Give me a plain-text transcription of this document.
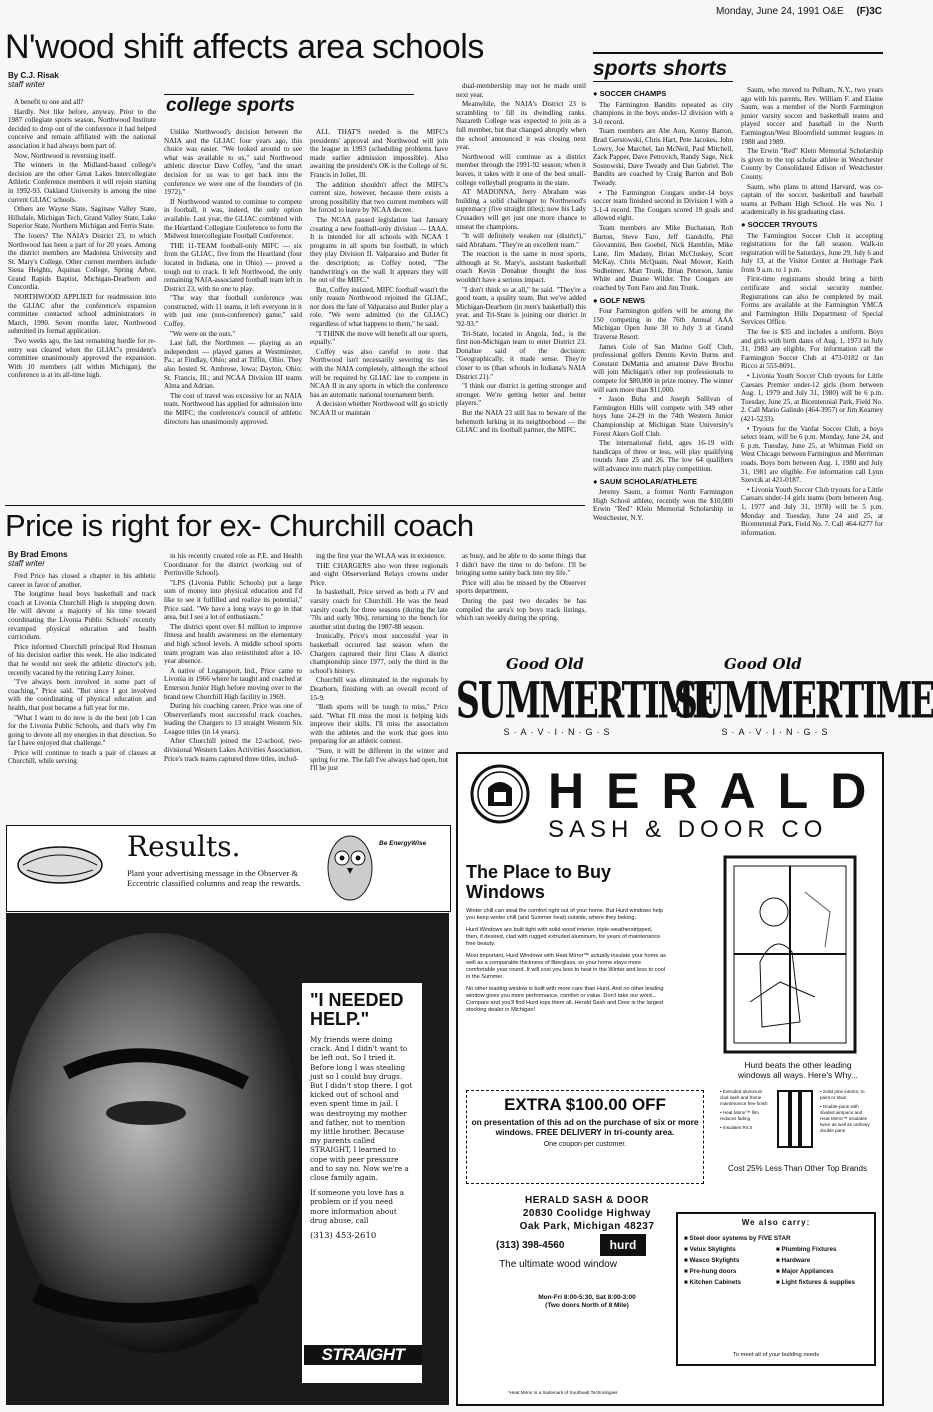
Monday, June 24, 1991 O&E (F)3C
N'wood shift affects area schools
By C.J. Risak
staff writer
college sports

A benefit to one and all?

Hardly. Not like before, anyway. Prior to the 1987 collegiate sports season, Northwood Institute decided to drop out of the conference it had helped conceive and remain affiliated with the national association it had always been part of.

Now, Northwood is reversing itself.

The winners in the Midland-based college's decision are the other Great Lakes Intercollegiate Athletic Conference members it will rejoin starting in 1992-93. Oakland University is among the nine current GLIAC schools.

Others are Wayne State, Saginaw Valley State, Hillsdale, Michigan Tech, Grand Valley State, Lake Superior State, Northern Michigan and Ferris State.

The losers? The NAIA's District 23, to which Northwood has been a part of for 20 years. Among the district members are Madonna University and St. Mary's College. Other current members include Siena Heights, Aquinas College, Spring Arbor, Grand Rapids Baptist, Michigan-Dearborn and Concordia.

NORTHWOOD APPLIED for readmission into the GLIAC after the conference's expansion committee contacted school administrators in March, 1990. Seven months later, Northwood submitted its formal application.

Two weeks ago, the last remaining hurdle for re-entry was cleared when the GLIAC's president's committee unanimously approved the expansion. With 10 members (all within Michigan), the conference is at its all-time high.

Unlike Northwood's decision between the NAIA and the GLIAC four years ago, this choice was easier. "We looked around to see what was available to us," said Northwood athletic director Dave Coffey, "and the smart decision for us was to get back into the conference we were one of the founders of (in 1972)."

If Northwood wanted to continue to compete in football, it was, indeed, the only option available. Last year, the GLIAC combined with the Heartland Collegiate Conference to form the Midwest Intercollegiate Football Conference.

THE 11-TEAM football-only MIFC — six from the GLIAC, five from the Heartland (four located in Indiana, one in Ohio) — proved a tough nut to crack. It left Northwood, the only remaining NAIA-associated football team left in District 23, with no one to play.

"The way that football conference was constructed, with 11 teams, it left everyone in it with just one (non-conference) game," said Coffey.

"We were on the outs."

Last fall, the Northmen — playing as an independent — played games at Westminster, Pa.; at Findlay, Ohio; and at Tiffin, Ohio. They also hosted St. Ambrose, Iowa; Dayton, Ohio; St. Francis, Ill.; and NCAA Division III teams Alma and Adrian.

The cost of travel was excessive for an NAIA team. Northwood has applied for admission into the MIFC; the conference's council of athletic directors has unanimously approved.

ALL THAT'S needed is the MIFC's presidents' approval and Northwood will join the league in 1993 (scheduling problems have made earlier admission impossible). Also awaiting the president's OK is the College of St. Francis in Joliet, Ill.

The addition shouldn't affect the MIFC's current size, however, because there exists a strong possibility that two current members will be forced to leave by NCAA decree.

The NCAA passed legislation last January creating a new football-only division — IAAA. It is intended for all schools with NCAA I programs in all sports but football, in which they play Division II. Valparaiso and Butler fit the description; as Coffey noted, "The handwriting's on the wall. It appears they will be out of the MIFC."

But, Coffey insisted, MIFC football wasn't the only reason Northwood rejoined the GLIAC, nor does the fate of Valparaiso and Butler play a role. "We were admitted (to the GLIAC) regardless of what happens to them," he said.

"I THINK the move will benefit all our sports, equally."

Coffey was also careful to note that Northwood isn't necessarily severing its ties with the NAIA completely, although the school will be required by GLIAC law to compete in NCAA II in any sports in which the conference has an automatic national tournament berth.

A decision whether Northwood will go strictly NCAA II or maintain

dual-membership may not be made until next year.

Meanwhile, the NAIA's District 23 is scrambling to fill its dwindling ranks. Nazareth College was expected to join as a full member, but that changed abruptly when the school announced it was closing next year.

Northwood will continue as a district member through the 1991-92 season; when it leaves, it takes with it one of the best small-college volleyball programs in the state.

AT MADONNA, Jerry Abraham was building a solid challenger to Northwood's supremacy (five straight titles); now his Lady Crusaders will get just one more chance to unseat the champions.

"It will definitely weaken our (district)," said Abraham. "They're an excellent team."

The reaction is the same in most sports, although at St. Mary's, assistant basketball coach Kevin Donahue thought the loss wouldn't have a serious impact.

"I don't think so at all," he said. "They're a good team, a quality team. But we've added Michigan-Dearborn (in men's basketball) this year, and Tri-State is joining our district in '92-93."

Tri-State, located in Angola, Ind., is the first non-Michigan team to enter District 23. Donahue said of the decision: "Geographically, it made sense. They're closer to us (than schools in Indiana's NAIA District 21)."

"I think our district is getting stronger and stronger. We're getting better and better players."

But the NAIA 23 still has to beware of the behemoth lurking in its neighborhood — the GLIAC and its football partner, the MIFC.

sports shorts

● SOCCER CHAMPS

The Farmington Bandits repeated as city champions in the boys under-12 division with a 3-0 record.

Team members are Abe Aon, Kenny Barton, Brad Gerstowski, Chris Hart, Pete Jacokes, John Lowry, Joe Marchel, Ian McNeil, Paul Mitchell, Zack Papper, Dave Petrovich, Randy Sage, Nick Sosnowski, Dave Tweady and Dan Gabriel. The Bandits are coached by Craig Barton and Bob Tweady.

• The Farmington Cougars under-14 boys soccer team finished second in Division I with a 3-1-4 record. The Cougars scored 19 goals and allowed eight.

Team members are Mike Buchanan, Rob Burton, Steve Faro, Jeff Gandolfo, Phil Giovannini, Ben Goebel, Nick Hamblin, Mike Lane, Jim Madany, Brian McCluskey, Scott McKay, Chris McQuain, Neal Mower, Keith Sudheimer, Matt Trunk, Brian Peterson, Jamie White and Duane Wilder. The Cougars are coached by Tom Faro and Jim Trunk.

● GOLF NEWS

Four Farmington golfers will be among the 150 competing in the 76th Annual AAA Michigan Open June 30 to July 3 at Grand Traverse Resort.

James Cole of San Marino Golf Club, professional golfers Dennis Kevin Burns and Constant DeMattia and amateur Dave Brochu will join Michigan's other top professionals to compete for $80,000 in prize money. The winner will earn more than $11,000.

• Jason Buha and Joseph Sullivan of Farmington Hills will compete with 349 other boys June 24-29 in the 74th Western Junior Championship at Michigan State University's Forest Akers Golf Club.

The international field, ages 16-19 with handicaps of three or less, will play qualifying rounds June 25 and 26. The low 64 qualifiers will advance into match play competition.

● SAUM SCHOLAR/ATHLETE

Jeremy Saum, a former North Farmington High School athlete, recently won the $10,000 Erwin "Red" Klein Memorial Scholarship in Westchester, N.Y.

Saum, who moved to Pelham, N.Y., two years ago with his parents, Rev. William F. and Elaine Saum, was a member of the North Farmington junior varsity soccer and basketball teams and played soccer and baseball in the North Farmington/West Bloomfield summer leagues in 1988 and 1989.

The Erwin "Red" Klein Memorial Scholarship is given to the top scholar athlete in Westchester County by Consolidated Edison of Westchester County.

Saum, who plans to attend Harvard, was co-captain of the soccer, basketball and baseball teams at Pelham High School. He was No. 1 academically in his graduating class.

● SOCCER TRYOUTS

The Farmington Soccer Club is accepting registrations for the fall season. Walk-in registration will be Saturdays, June 29, July 6 and July 13, at the Visitor Center at Heritage Park from 9 a.m. to 1 p.m.

First-time registrants should bring a birth certificate and social security number. Registrations can also be completed by mail. Forms are available at the Farmington YMCA and Farmington Hills Department of Special Services Office.

The fee is $35 and includes a uniform. Boys and girls with birth dates of Aug. 1, 1973 to July 31, 1983 are eligible. For information call the Farmington Soccer Club at 473-0182 or Jan Ricco at 553-8691.

• Livonia Youth Soccer Club tryouts for Little Caesars Premier under-12 girls (born between Aug. 1, 1979 and July 31, 1980) will be 6 p.m. Tuesday, June 25, at Bicentennial Park, Field No. 2. Call Mario Galindo (464-3957) or Jim Kearney (421-5233).

• Tryouts for the Vardar Soccer Club, a boys select team, will be 6 p.m. Monday, June 24, and 6 p.m. Tuesday, June 25, at Whitman Field on West Chicago between Farmington and Merriman roads. Boys born between Aug. 1, 1980 and July 31, 1981 are eligible. For information call Lynn Szevcik at 421-0187.

• Livonia Youth Soccer Club tryouts for a Little Caesars under-14 girls teams (born between Aug. 1, 1977 and July 31, 1978) will be 5 p.m. Monday and Tuesday, June 24 and 25, at Bicentennial Park, Field No. 7. Call 464-6277 for information.

Price is right for ex- Churchill coach
By Brad Emons
staff writer

Fred Price has closed a chapter in his athletic career in favor of another.

The longtime head boys basketball and track coach at Livonia Churchill High is stepping down. He will devote a majority of his time toward coordinating the Livonia Public Schools' recently revamped physical education and health curriculum.

Price informed Churchill principal Rod Hosman of his decision earlier this week. He also indicated that he would not seek the athletic director's job, recently vacated by the retiring Larry Joiner.

"I've always been involved in some part of coaching," Price said. "But since I got involved with the coordinating of physical education and health, that post became a full year for me.

"What I want to do now is do the best job I can for the Livonia Public Schools, and that's why I'm going to devote all my energies in that direction. So far I have enjoyed that challenge."

Price will continue to teach a pair of classes at Churchill, while serving

in his recently created role as P.E. and Health Coordinator for the district (working out of Perrinville School).

"LPS (Livonia Public Schools) put a large sum of money into physical education and I'd like to see it fulfilled and realize its potential," Price said. "We have a long ways to go in that area, but I see a lot of enthusiasm."

The district spent over $1 million to improve fitness and health awareness on the elementary and high school levels. A middle school sports team program was also reinstituted after a 10-year absence.

A native of Logansport, Ind., Price came to Livonia in 1966 where he taught and coached at Emerson Junior High before moving over to the brand new Churchill High facility in 1969.

During his coaching career, Price was one of Observerland's most successful track coaches, leading the Chargers to 13 straight Western Six League titles (in 14 years).

After Churchill joined the 12-school, two-divisional Western Lakes Activities Association, Price's track teams captured three titles, includ-

ing the first year the WLAA was in existence.

THE CHARGERS also won three regionals and eight Observerland Relays crowns under Price.

In basketball, Price served as both a JV and varsity coach for Churchill. He was the head varsity coach for three seasons (during the late '70s and early '80s), returning to the bench for another stint during the 1987-88 season.

Ironically, Price's most successful year in basketball occurred last season when the Chargers captured their first Class A district championship since 1977, only the third in the school's history.

Churchill was eliminated in the regionals by Dearborn, finishing with an overall record of 15-9.

"Both sports will be tough to miss," Price said. "What I'll miss the most is helping kids improve their skills. I'll miss the association with the athletes and the work that goes into preparing for an athletic contest.

"Sure, it will be different in the winter and spring for me. The fall I've always had open, but I'll be just

as busy, and be able to do some things that I didn't have the time to do before. I'll be bringing some sanity back into my life."

Price will also be missed by the Observer sports department.

During the past two decades he has compiled the area's top boys track listings, which ran weekly during the spring.

Good Old
SUMMERTIME
S·A·V·I·N·G·S
Good Old
SUMMERTIME
S·A·V·I·N·G·S
HERALD
SASH & DOOR CO
The Place to Buy Windows
Winter chill can steal the comfort right out of your home. But Hurd windows help you keep winter chill (and Summer heat) outside, where they belong.
Hurd Windows are built tight with solid wood interior, triple-weatherstripped, then, if desired, clad with rugged extruded aluminum, for years of maintenance free beauty.
Most important, Hurd Windows with Heat Mirror™ actually insulate your home as well as a comparable thickness of fiberglass, so your home stays more comfortable year round. It will cost you less to heat in the Winter and less to cool in the Summer.
No other leading window is built with more care than Hurd. And no other leading window gives you more performance, comfort or value. Don't take our word... Compare and you'll find Hurd tops them all. Herald Sash and Door is the largest stocking dealer in Michigan!
Hurd beats the other leading windows all ways. Here's Why...
• Extruded aluminum clad sash and frame maintenance free finish
• Heat Mirror™ film reduces fading
• Insulates R4.0
• Solid pine interior, to paint or stain
• Double-pane with divided airspace and Heat Mirror™ insulates twice as well as ordinary double pane
Cost 25% Less Than Other Top Brands
EXTRA $100.00 OFF
on presentation of this ad on the purchase of six or more windows. FREE DELIVERY in tri-county area.
One coupon per customer.
HERALD SASH & DOOR
20830 Coolidge Highway
Oak Park, Michigan 48237
(313) 398-4560	hurd
The ultimate wood window
Mon-Fri 8:00-5:30, Sat 8:00-3:00
(Two doors North of 8 Mile)
We also carry:
■ Steel door systems by FIVE STAR
■ Velux Skylights	■ Plumbing Fixtures
■ Wasco Skylights	■ Hardware
■ Pre-hung doors	■ Major Appliances
■ Kitchen Cabinets	■ Light fixtures & supplies
To meet all of your building needs
*Heat Mirror is a trademark of Southwall Technologies
Results.
Plant your advertising message in the Observer & Eccentric classified columns and reap the rewards.
Be EnergyWise
"I NEEDED HELP."
My friends were doing crack. And I didn't want to be left out. So I tried it. Before long I was stealing just so I could buy drugs. But I didn't stop there. I got kicked out of school and even spent time in jail. I was destroying my mother and father, not to mention my little brother. Because my parents called STRAIGHT, I learned to cope with peer pressure and to say no. Now we're a close family again.
If someone you love has a problem or if you need more information about drug abuse, call
(313) 453-2610
STRAIGHT
